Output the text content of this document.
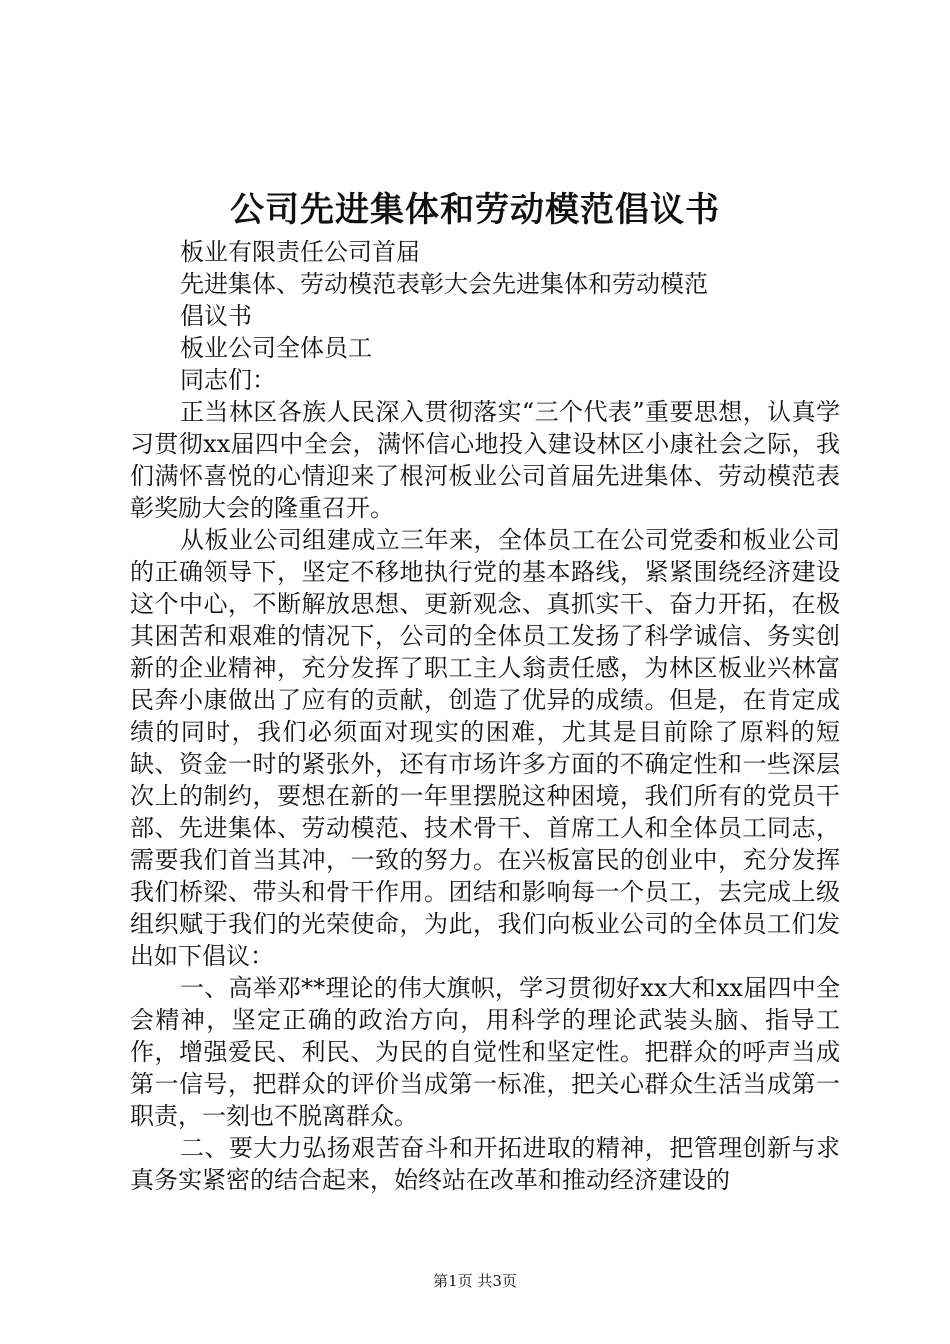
公司先进集体和劳动模范倡议书

板业有限责任公司首届

先进集体、劳动模范表彰大会先进集体和劳动模范

倡议书

板业公司全体员工

同志们：

正当林区各族人民深入贯彻落实“三个代表”重要思想，认真学习贯彻xx届四中全会，满怀信心地投入建设林区小康社会之际，我们满怀喜悦的心情迎来了根河板业公司首届先进集体、劳动模范表彰奖励大会的隆重召开。

从板业公司组建成立三年来，全体员工在公司党委和板业公司的正确领导下，坚定不移地执行党的基本路线，紧紧围绕经济建设这个中心，不断解放思想、更新观念、真抓实干、奋力开拓，在极其困苦和艰难的情况下，公司的全体员工发扬了科学诚信、务实创新的企业精神，充分发挥了职工主人翁责任感，为林区板业兴林富民奔小康做出了应有的贡献，创造了优异的成绩。但是，在肯定成绩的同时，我们必须面对现实的困难，尤其是目前除了原料的短缺、资金一时的紧张外，还有市场许多方面的不确定性和一些深层次上的制约，要想在新的一年里摆脱这种困境，我们所有的党员干部、先进集体、劳动模范、技术骨干、首席工人和全体员工同志，需要我们首当其冲，一致的努力。在兴板富民的创业中，充分发挥我们桥梁、带头和骨干作用。团结和影响每一个员工，去完成上级组织赋于我们的光荣使命，为此，我们向板业公司的全体员工们发出如下倡议：

一、高举邓**理论的伟大旗帜，学习贯彻好xx大和xx届四中全会精神，坚定正确的政治方向，用科学的理论武装头脑、指导工作，增强爱民、利民、为民的自觉性和坚定性。把群众的呼声当成第一信号，把群众的评价当成第一标准，把关心群众生活当成第一职责，一刻也不脱离群众。

二、要大力弘扬艰苦奋斗和开拓进取的精神，把管理创新与求真务实紧密的结合起来，始终站在改革和推动经济建设的

第1页 共3页
